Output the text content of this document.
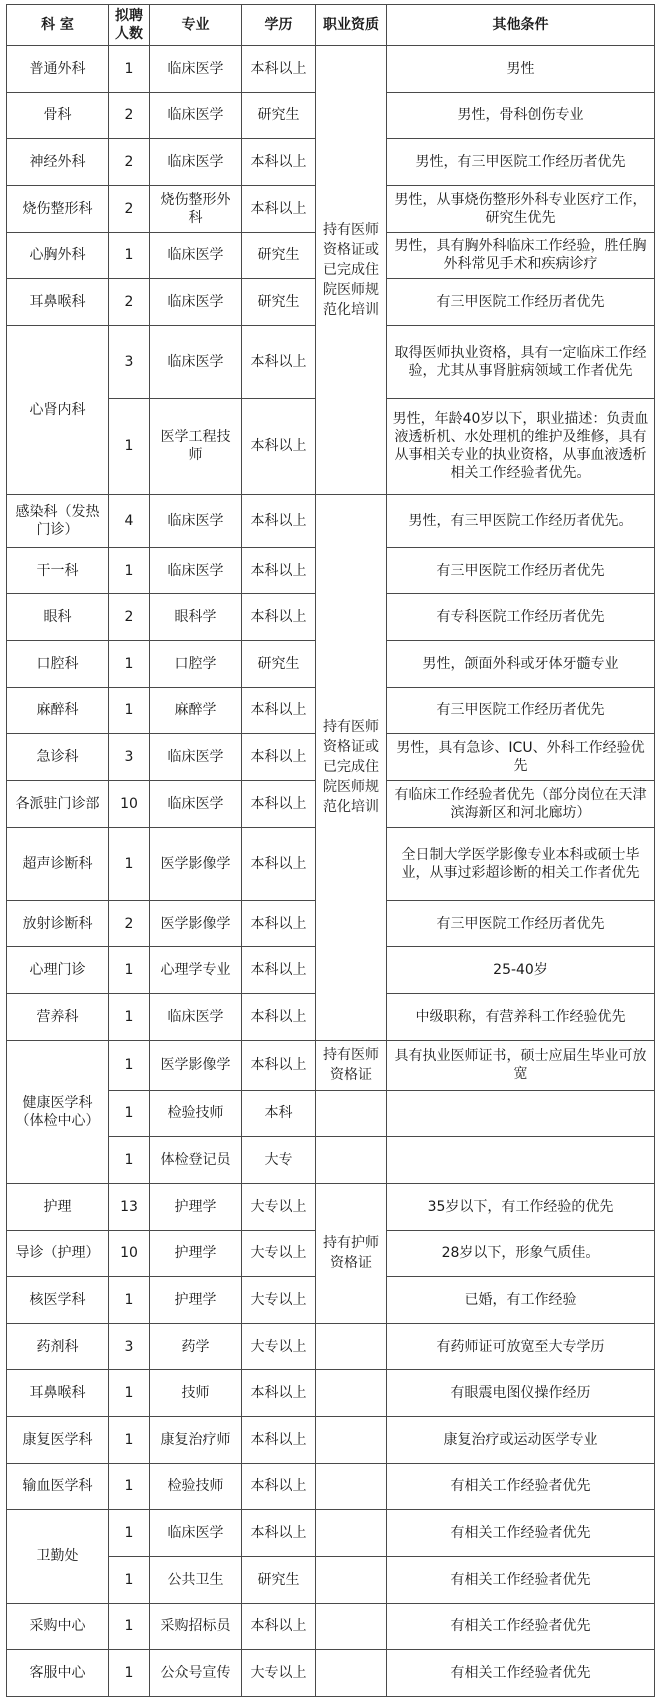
科 室	拟聘人数	专业	学历	职业资质	其他条件
普通外科	1	临床医学	本科以上	持有医师资格证或已完成住院医师规范化培训	男性
骨科	2	临床医学	研究生		男性，骨科创伤专业
神经外科	2	临床医学	本科以上		男性，有三甲医院工作经历者优先
烧伤整形科	2	烧伤整形外科	本科以上		男性，从事烧伤整形外科专业医疗工作，研究生优先
心胸外科	1	临床医学	研究生		男性，具有胸外科临床工作经验，胜任胸外科常见手术和疾病诊疗
耳鼻喉科	2	临床医学	研究生		有三甲医院工作经历者优先
心肾内科	3	临床医学	本科以上		取得医师执业资格，具有一定临床工作经验，尤其从事肾脏病领域工作者优先
	1	医学工程技师	本科以上		男性，年龄40岁以下，职业描述：负责血液透析机、水处理机的维护及维修，具有从事相关专业的执业资格，从事血液透析相关工作经验者优先。
感染科（发热门诊）	4	临床医学	本科以上	持有医师资格证或已完成住院医师规范化培训	男性，有三甲医院工作经历者优先。
干一科	1	临床医学	本科以上		有三甲医院工作经历者优先
眼科	2	眼科学	本科以上		有专科医院工作经历者优先
口腔科	1	口腔学	研究生		男性，颌面外科或牙体牙髓专业
麻醉科	1	麻醉学	本科以上		有三甲医院工作经历者优先
急诊科	3	临床医学	本科以上		男性，具有急诊、ICU、外科工作经验优先
各派驻门诊部	10	临床医学	本科以上		有临床工作经验者优先（部分岗位在天津滨海新区和河北廊坊）
超声诊断科	1	医学影像学	本科以上		全日制大学医学影像专业本科或硕士毕业，从事过彩超诊断的相关工作者优先
放射诊断科	2	医学影像学	本科以上		有三甲医院工作经历者优先
心理门诊	1	心理学专业	本科以上		25-40岁
营养科	1	临床医学	本科以上		中级职称，有营养科工作经验优先
健康医学科（体检中心）	1	医学影像学	本科以上	持有医师资格证	具有执业医师证书，硕士应届生毕业可放宽
	1	检验技师	本科		
	1	体检登记员	大专		
护理	13	护理学	大专以上	持有护师资格证	35岁以下，有工作经验的优先
导诊（护理）	10	护理学	大专以上		28岁以下，形象气质佳。
核医学科	1	护理学	大专以上		已婚，有工作经验
药剂科	3	药学	大专以上		有药师证可放宽至大专学历
耳鼻喉科	1	技师	本科以上		有眼震电图仪操作经历
康复医学科	1	康复治疗师	本科以上		康复治疗或运动医学专业
输血医学科	1	检验技师	本科以上		有相关工作经验者优先
卫勤处	1	临床医学	本科以上		有相关工作经验者优先
	1	公共卫生	研究生		有相关工作经验者优先
采购中心	1	采购招标员	本科以上		有相关工作经验者优先
客服中心	1	公众号宣传	大专以上		有相关工作经验者优先
